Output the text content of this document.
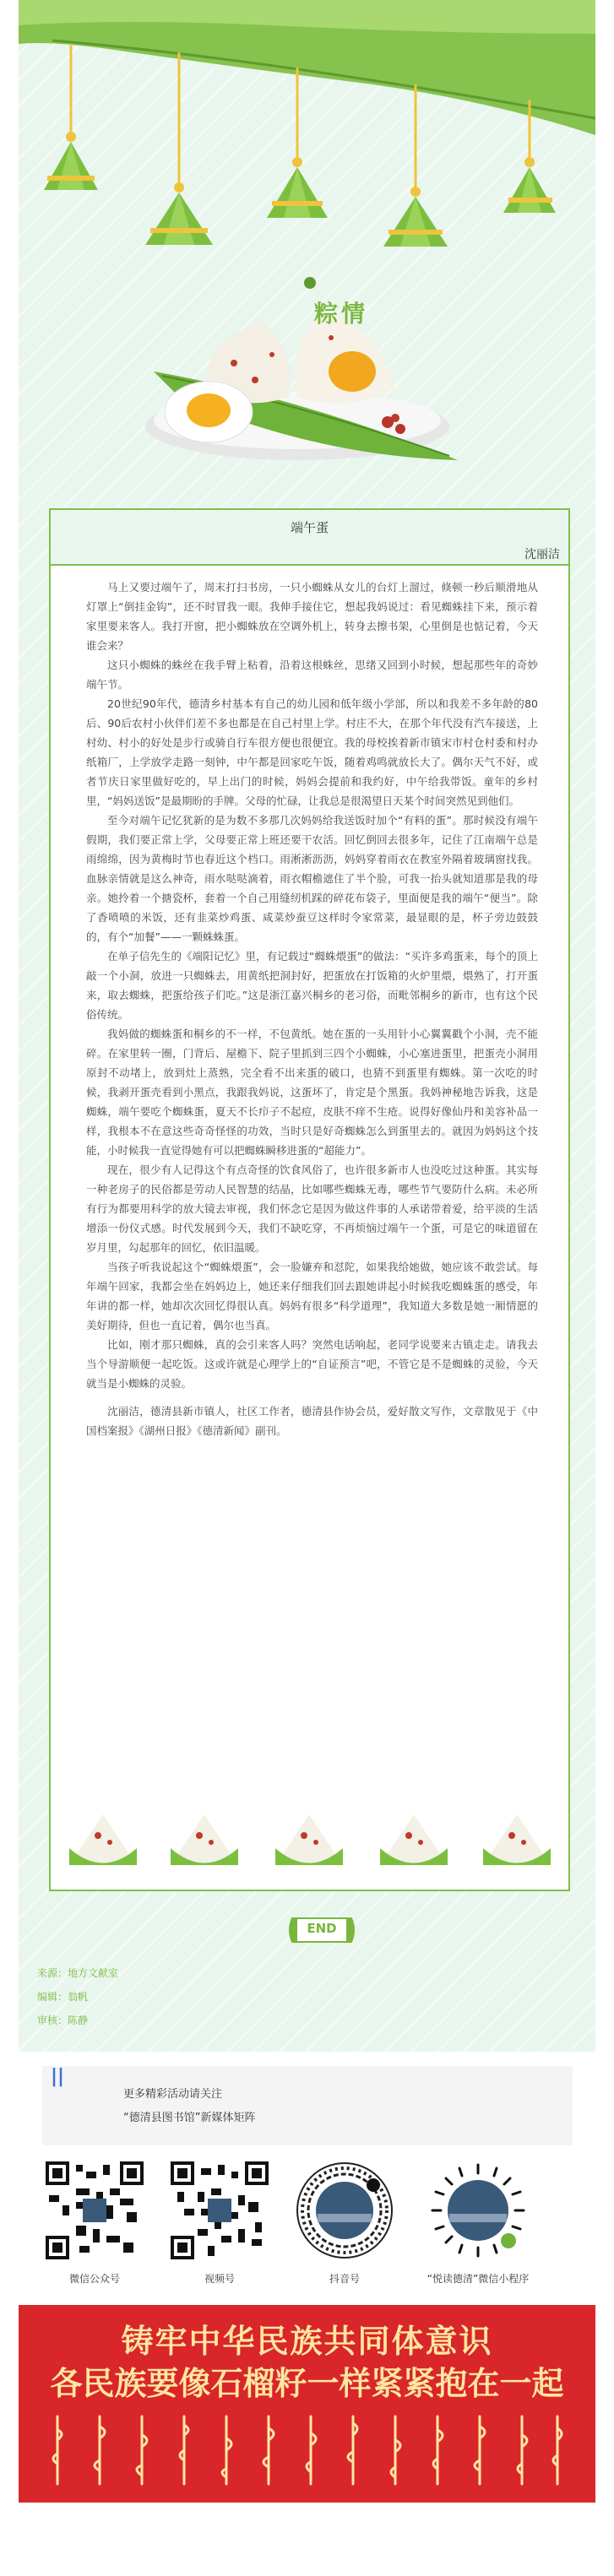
粽情
端午蛋
沈丽洁

马上又要过端午了，周末打扫书房，一只小蜘蛛从女儿的台灯上溜过，倏顿一秒后顺滑地从灯罩上“倒挂金钩”，还不时冒我一眼。我伸手接住它，想起我妈说过：看见蜘蛛挂下来，预示着家里要来客人。我打开窗，把小蜘蛛放在空调外机上，转身去擦书架，心里倒是也惦记着，今天谁会来？

这只小蜘蛛的蛛丝在我手臂上粘着，沿着这根蛛丝，思绪又回到小时候，想起那些年的奇妙端午节。

20世纪90年代，德清乡村基本有自己的幼儿园和低年级小学部，所以和我差不多年龄的80后、90后农村小伙伴们差不多也都是在自己村里上学。村庄不大，在那个年代没有汽车接送，上村幼、村小的好处是步行或骑自行车很方便也很便宜。我的母校挨着新市镇宋市村仓村委和村办纸箱厂，上学放学走路一刻钟，中午都是回家吃午饭，随着鸡鸣就放长大了。偶尔天气不好，或者节庆日家里做好吃的，早上出门的时候，妈妈会提前和我约好，中午给我带饭。童年的乡村里，“妈妈送饭”是最期盼的手牌。父母的忙碌，让我总是很渴望日天某个时间突然见到他们。

至今对端午记忆犹新的是为数不多那几次妈妈给我送饭时加个“有料的蛋”。那时候没有端午假期，我们要正常上学，父母要正常上班还要干农活。回忆倒回去很多年，记住了江南端午总是雨绵绵，因为黄梅时节也春近这个档口。雨淅淅沥沥，妈妈穿着雨衣在教室外隔着玻璃窗找我。血脉亲情就是这么神奇，雨水哒哒滴着，雨衣帽檐遮住了半个脸，可我一抬头就知道那是我的母亲。她拎着一个搪瓷杯，套着一个自己用缝纫机踩的碎花布袋子，里面便是我的端午“便当”。除了香喷喷的米饭，还有韭菜炒鸡蛋、咸菜炒蚕豆这样时令家常菜，最显眼的是，杯子旁边鼓鼓的，有个“加餐”——一颗蛛蛛蛋。

在单子信先生的《端阳记忆》里，有记载过“蜘蛛煨蛋”的做法：“买许多鸡蛋来，每个的顶上敲一个小洞，放进一只蜘蛛去，用黄纸把洞封好，把蛋放在打饭箱的火炉里煨，煨熟了，打开蛋来，取去蜘蛛，把蛋给孩子们吃。”这是浙江嘉兴桐乡的老习俗，而毗邻桐乡的新市，也有这个民俗传统。

我妈做的蜘蛛蛋和桐乡的不一样，不包黄纸。她在蛋的一头用针小心翼翼戳个小洞，壳不能碎。在家里转一圈，门背后、屋檐下、院子里抓到三四个小蜘蛛，小心塞进蛋里，把蛋壳小洞用原封不动堵上，放到灶上蒸熟，完全看不出来蛋的破口，也猜不到蛋里有蜘蛛。第一次吃的时候，我剥开蛋壳看到小黑点，我跟我妈说，这蛋坏了，肯定是个黑蛋。我妈神秘地告诉我，这是蜘蛛，端午要吃个蜘蛛蛋，夏天不长疖子不起痘，皮肤不痒不生疮。说得好像仙丹和美容补品一样，我根本不在意这些奇奇怪怪的功效，当时只是好奇蜘蛛怎么到蛋里去的。就因为妈妈这个技能，小时候我一直觉得她有可以把蜘蛛瞬移进蛋的“超能力”。

现在，很少有人记得这个有点奇怪的饮食风俗了，也许很多新市人也没吃过这种蛋。其实每一种老房子的民俗都是劳动人民智慧的结晶，比如哪些蜘蛛无毒，哪些节气要防什么病。未必所有行为都要用科学的放大镜去审视，我们怀念它是因为做这件事的人承诺带着爱，给平淡的生活增添一份仪式感。时代发展到今天，我们不缺吃穿，不再烦恼过端午一个蛋，可是它的味道留在岁月里，勾起那年的回忆，依旧温暖。

当孩子听我说起这个“蜘蛛煨蛋”，会一脸嫌弃和怼陀，如果我给她做，她应该不敢尝试。每年端午回家，我都会坐在妈妈边上，她还来仔细我们回去跟她讲起小时候我吃蜘蛛蛋的感受，年年讲的都一样，她却次次回忆得很认真。妈妈有很多“科学道理”，我知道大多数是她一厢情愿的美好期待，但也一直记着，偶尔也当真。

比如，刚才那只蜘蛛，真的会引来客人吗？突然电话响起，老同学说要来古镇走走。请我去当个导游顺便一起吃饭。这或许就是心理学上的“自证预言”吧，不管它是不是蜘蛛的灵验，今天就当是小蜘蛛的灵验。

沈丽洁，德清县新市镇人，社区工作者，德清县作协会员，爱好散文写作，文章散见于《中国档案报》《湖州日报》《德清新闻》副刊。

END
来源：地方文献室
编辑：翁帆
审核：陈静
||
更多精彩活动请关注
“德清县图书馆”新媒体矩阵
微信公众号	视频号	抖音号	“悦读德清”微信小程序
铸牢中华民族共同体意识
各民族要像石榴籽一样紧紧抱在一起
